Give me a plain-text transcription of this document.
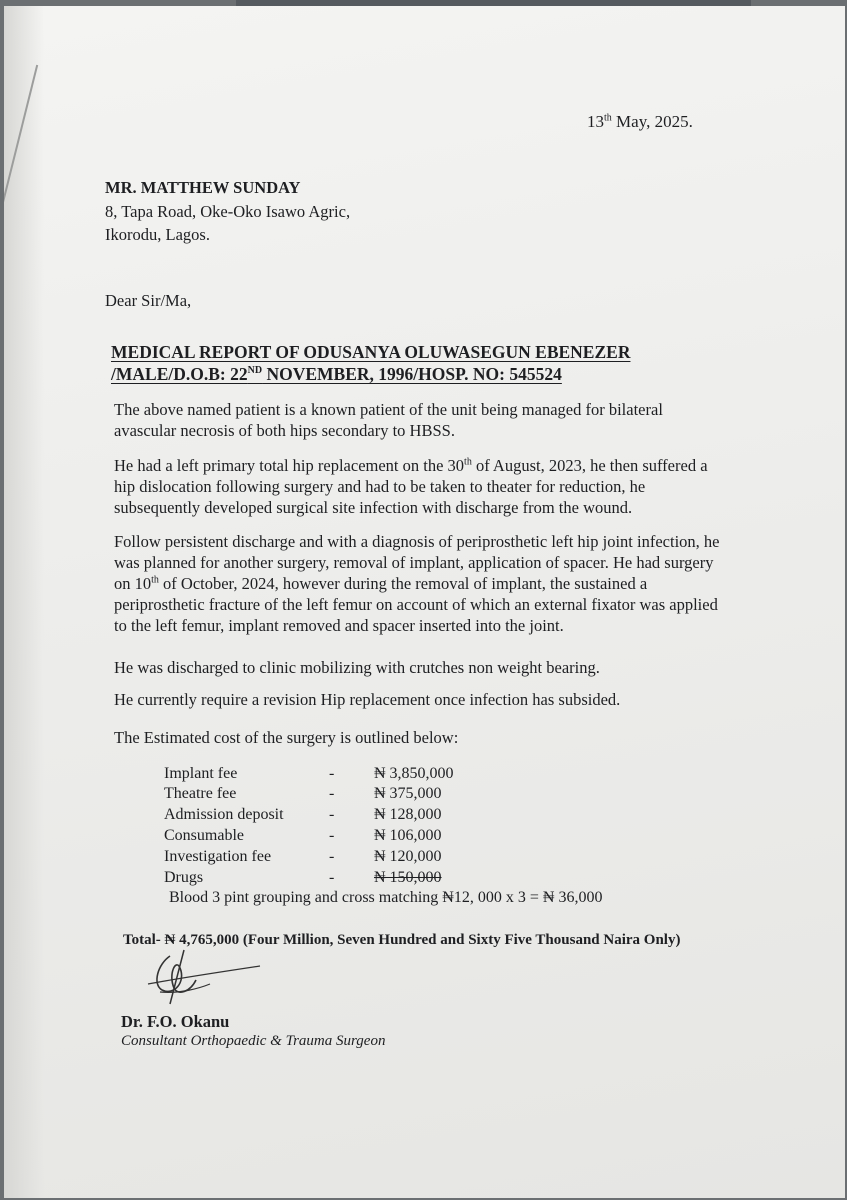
13th May, 2025.
MR. MATTHEW SUNDAY
8, Tapa Road, Oke-Oko Isawo Agric,
Ikorodu, Lagos.
Dear Sir/Ma,
MEDICAL REPORT OF ODUSANYA OLUWASEGUN EBENEZER
/MALE/D.O.B: 22ND NOVEMBER, 1996/HOSP. NO: 545524
The above named patient is a known patient of the unit being managed for bilateral
avascular necrosis of both hips secondary to HBSS.
He had a left primary total hip replacement on the 30th of August, 2023, he then suffered a
hip dislocation following surgery and had to be taken to theater for reduction, he
subsequently developed surgical site infection with discharge from the wound.
Follow persistent discharge and with a diagnosis of periprosthetic left hip joint infection, he
was planned for another surgery, removal of implant, application of spacer. He had surgery
on 10th of October, 2024, however during the removal of implant, the sustained a
periprosthetic fracture of the left femur on account of which an external fixator was applied
to the left femur, implant removed and spacer inserted into the joint.
He was discharged to clinic mobilizing with crutches non weight bearing.
He currently require a revision Hip replacement once infection has subsided.
The Estimated cost of the surgery is outlined below:
Implant fee	-	₦ 3,850,000
Theatre fee	-	₦ 375,000
Admission deposit	-	₦ 128,000
Consumable	-	₦ 106,000
Investigation fee	-	₦ 120,000
Drugs	-	₦ 150,000
Blood 3 pint grouping and cross matching ₦12, 000 x 3 = ₦ 36,000
Total- ₦ 4,765,000 (Four Million, Seven Hundred and Sixty Five Thousand Naira Only)
Dr. F.O. Okanu
Consultant Orthopaedic & Trauma Surgeon
